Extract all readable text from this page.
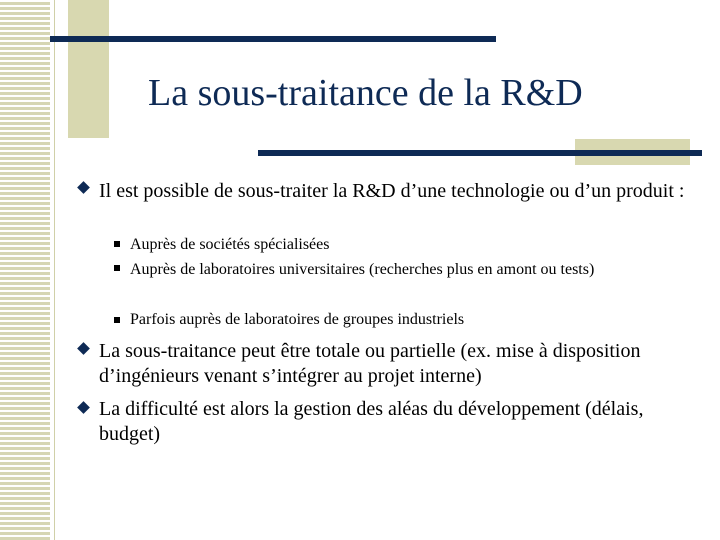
La sous-traitance de la R&D
Il est possible de sous-traiter la R&D d’une technologie ou d’un produit :
Auprès de sociétés spécialisées
Auprès de laboratoires universitaires (recherches plus en amont ou tests)
Parfois auprès de laboratoires de groupes industriels
La sous-traitance peut être totale ou partielle (ex. mise à disposition d’ingénieurs venant s’intégrer au projet interne)
La difficulté est alors la gestion des aléas du développement (délais, budget)
